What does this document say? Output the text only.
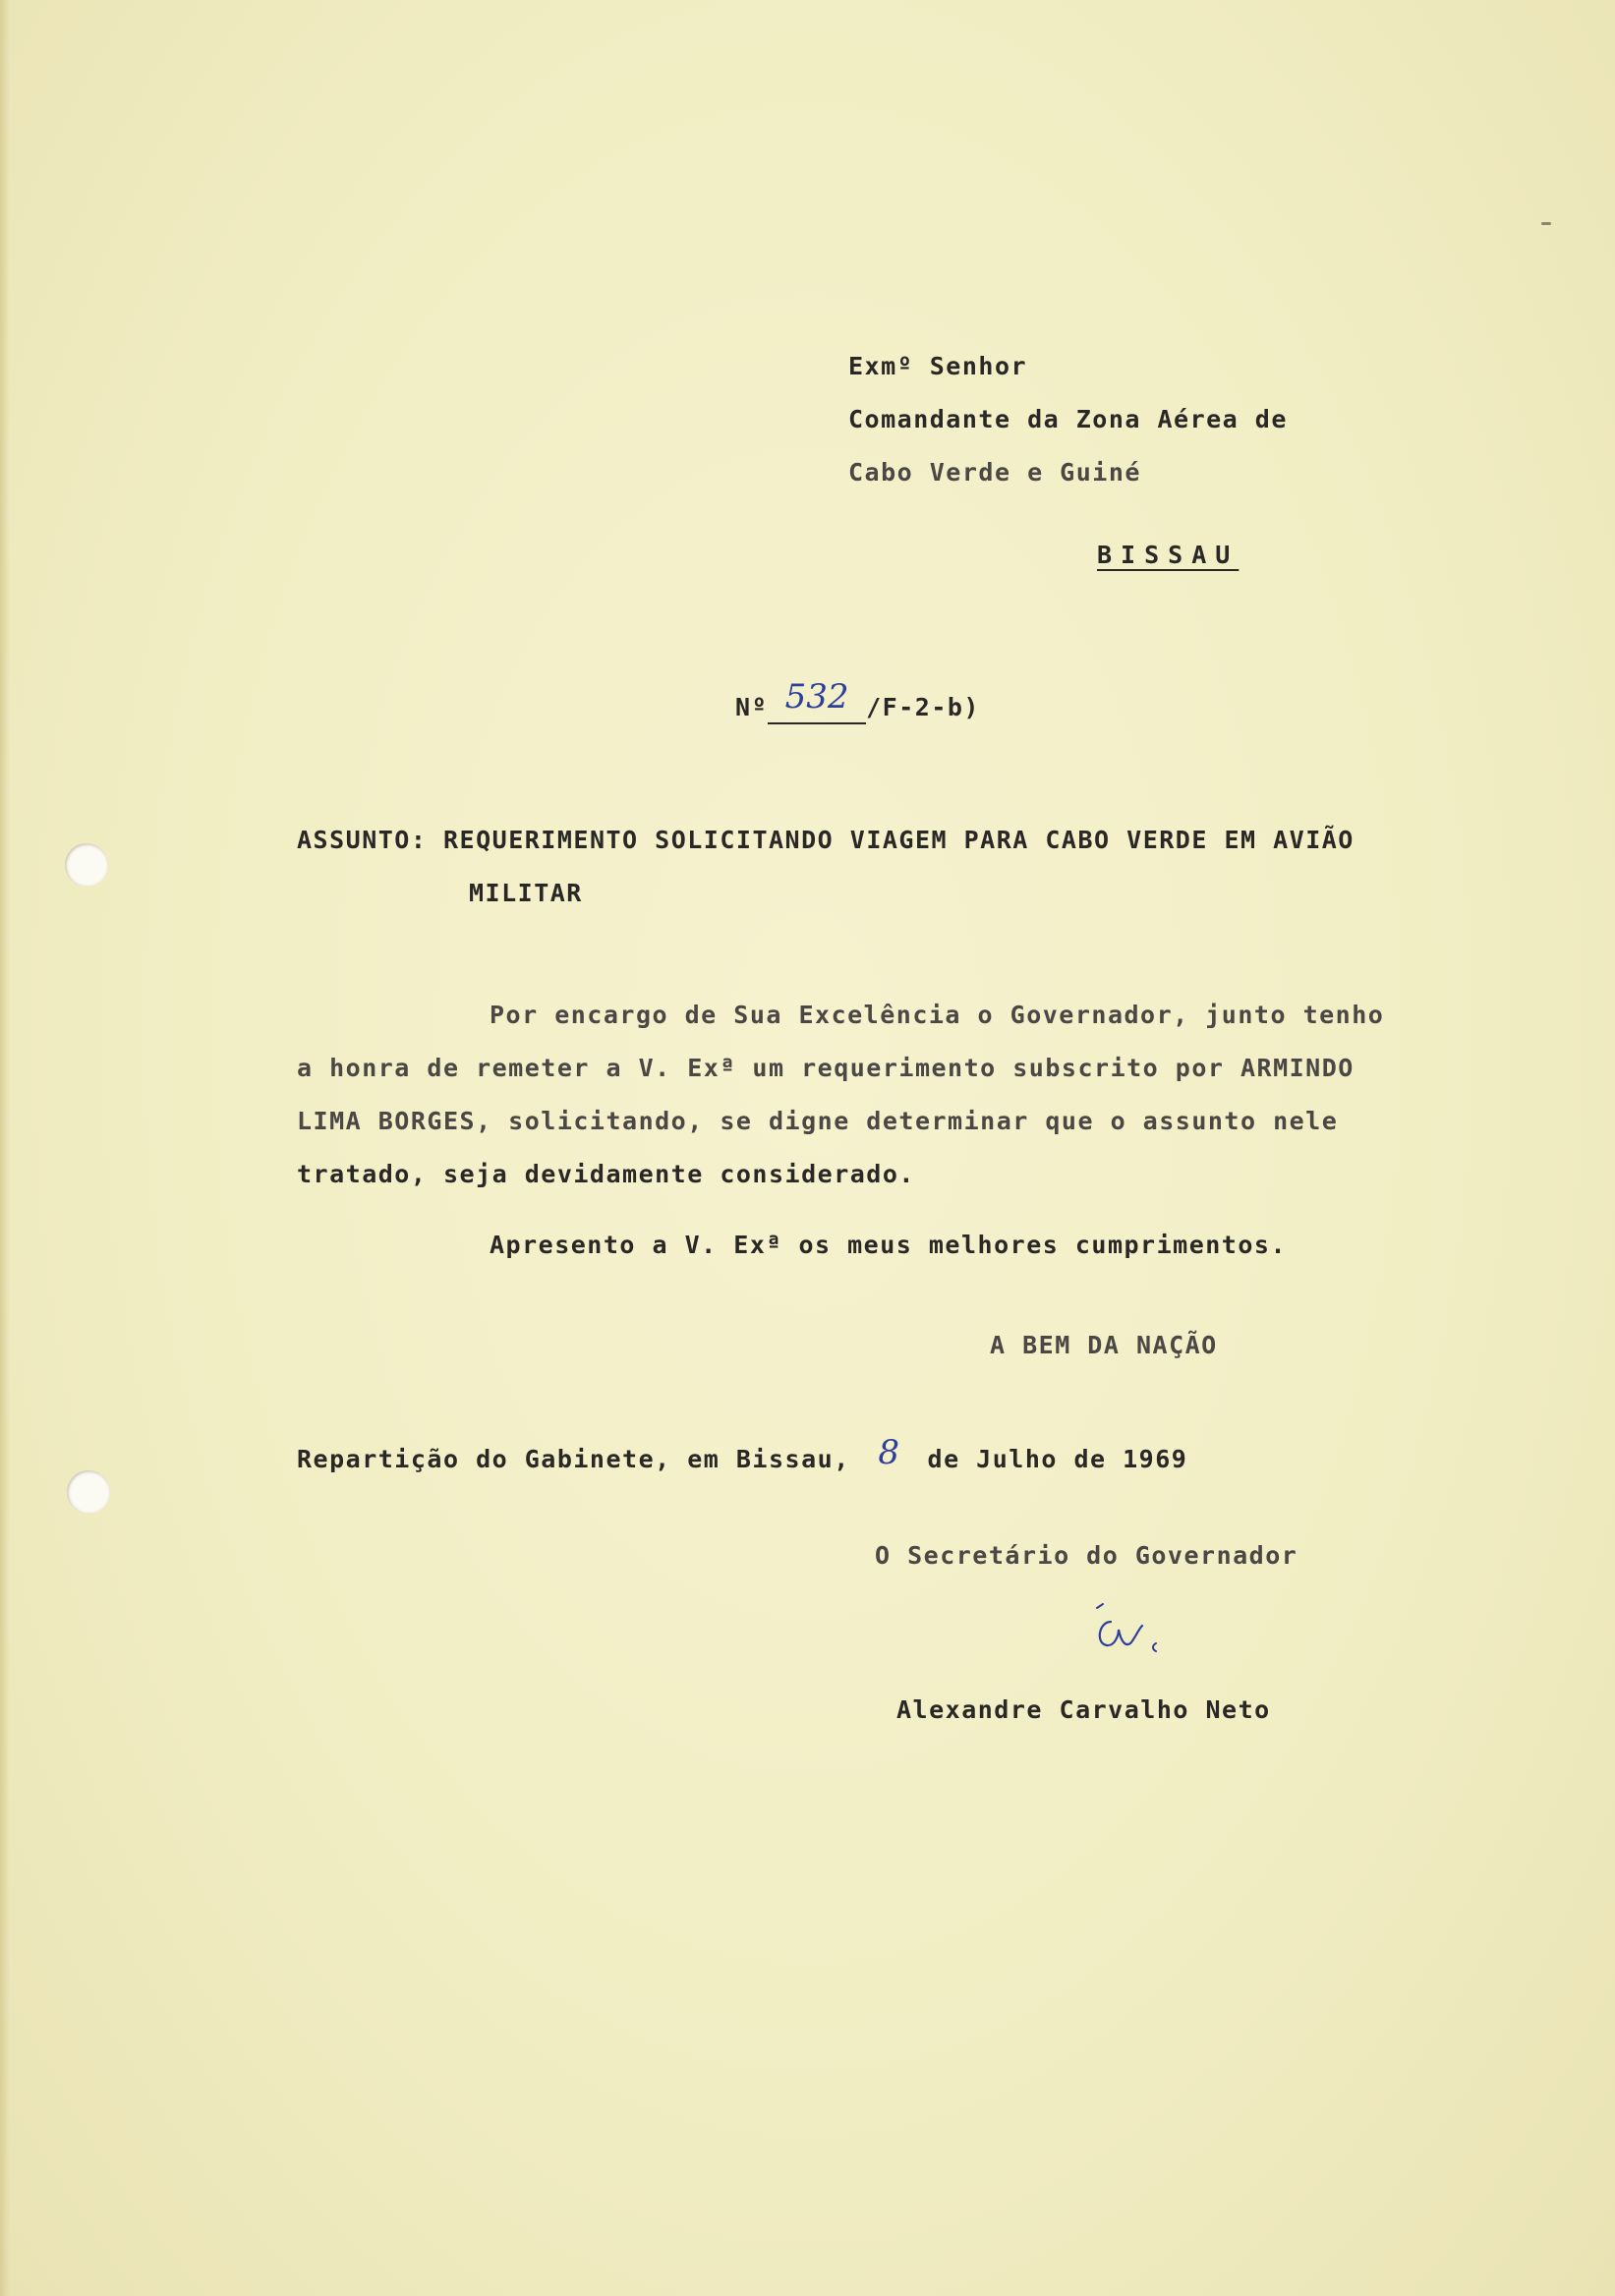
Exmº Senhor
Comandante da Zona Aérea de
Cabo Verde e Guiné
BISSAU
Nº 532 /F-2-b)
ASSUNTO: REQUERIMENTO SOLICITANDO VIAGEM PARA CABO VERDE EM AVIÃO
MILITAR
Por encargo de Sua Excelência o Governador, junto tenho
a honra de remeter a V. Exª um requerimento subscrito por ARMINDO
LIMA BORGES, solicitando, se digne determinar que o assunto nele
tratado, seja devidamente considerado.
Apresento a V. Exª os meus melhores cumprimentos.
A BEM DA NAÇÃO
Repartição do Gabinete, em Bissau, 8 de Julho de 1969
O Secretário do Governador
Alexandre Carvalho Neto
